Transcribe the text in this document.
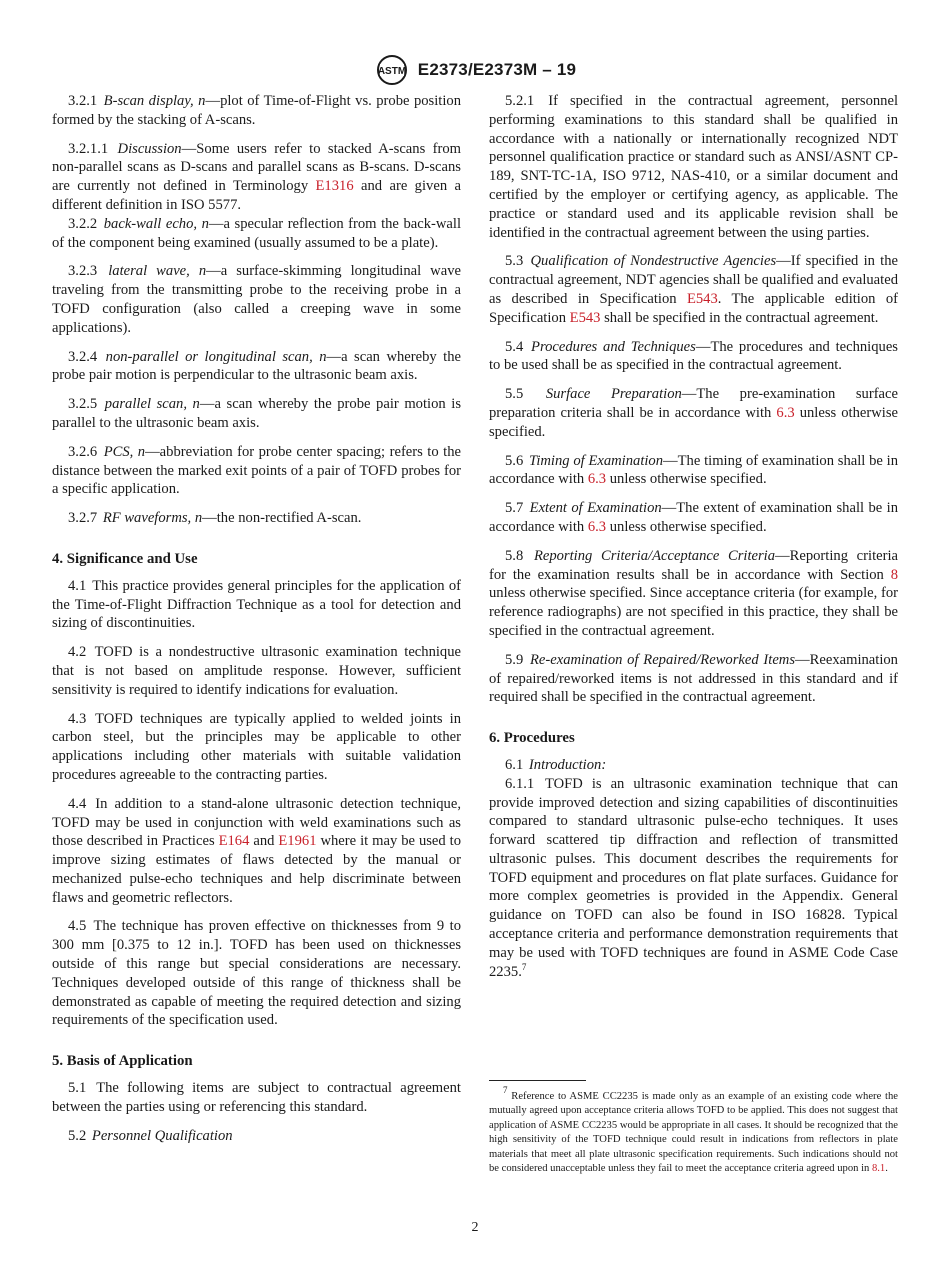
ASTM E2373/E2373M – 19

3.2.1 B-scan display, n—plot of Time-of-Flight vs. probe position formed by the stacking of A-scans.

3.2.1.1 Discussion—Some users refer to stacked A-scans from non-parallel scans as D-scans and parallel scans as B-scans. D-scans are currently not defined in Terminology E1316 and are given a different definition in ISO 5577.

3.2.2 back-wall echo, n—a specular reflection from the back-wall of the component being examined (usually assumed to be a plate).

3.2.3 lateral wave, n—a surface-skimming longitudinal wave traveling from the transmitting probe to the receiving probe in a TOFD configuration (also called a creeping wave in some applications).

3.2.4 non-parallel or longitudinal scan, n—a scan whereby the probe pair motion is perpendicular to the ultrasonic beam axis.

3.2.5 parallel scan, n—a scan whereby the probe pair motion is parallel to the ultrasonic beam axis.

3.2.6 PCS, n—abbreviation for probe center spacing; refers to the distance between the marked exit points of a pair of TOFD probes for a specific application.

3.2.7 RF waveforms, n—the non-rectified A-scan.

4. Significance and Use

4.1 This practice provides general principles for the application of the Time-of-Flight Diffraction Technique as a tool for detection and sizing of discontinuities.

4.2 TOFD is a nondestructive ultrasonic examination technique that is not based on amplitude response. However, sufficient sensitivity is required to identify indications for evaluation.

4.3 TOFD techniques are typically applied to welded joints in carbon steel, but the principles may be applicable to other applications including other materials with suitable validation procedures agreeable to the contracting parties.

4.4 In addition to a stand-alone ultrasonic detection technique, TOFD may be used in conjunction with weld examinations such as those described in Practices E164 and E1961 where it may be used to improve sizing estimates of flaws detected by the manual or mechanized pulse-echo techniques and help discriminate between flaws and geometric reflectors.

4.5 The technique has proven effective on thicknesses from 9 to 300 mm [0.375 to 12 in.]. TOFD has been used on thicknesses outside of this range but special considerations are necessary. Techniques developed outside of this range of thickness shall be demonstrated as capable of meeting the required detection and sizing requirements of the specification used.

5. Basis of Application

5.1 The following items are subject to contractual agreement between the parties using or referencing this standard.

5.2 Personnel Qualification

5.2.1 If specified in the contractual agreement, personnel performing examinations to this standard shall be qualified in accordance with a nationally or internationally recognized NDT personnel qualification practice or standard such as ANSI/ASNT CP-189, SNT-TC-1A, ISO 9712, NAS-410, or a similar document and certified by the employer or certifying agency, as applicable. The practice or standard used and its applicable revision shall be identified in the contractual agreement between the using parties.

5.3 Qualification of Nondestructive Agencies—If specified in the contractual agreement, NDT agencies shall be qualified and evaluated as described in Specification E543. The applicable edition of Specification E543 shall be specified in the contractual agreement.

5.4 Procedures and Techniques—The procedures and techniques to be used shall be as specified in the contractual agreement.

5.5 Surface Preparation—The pre-examination surface preparation criteria shall be in accordance with 6.3 unless otherwise specified.

5.6 Timing of Examination—The timing of examination shall be in accordance with 6.3 unless otherwise specified.

5.7 Extent of Examination—The extent of examination shall be in accordance with 6.3 unless otherwise specified.

5.8 Reporting Criteria/Acceptance Criteria—Reporting criteria for the examination results shall be in accordance with Section 8 unless otherwise specified. Since acceptance criteria (for example, for reference radiographs) are not specified in this practice, they shall be specified in the contractual agreement.

5.9 Re-examination of Repaired/Reworked Items—Reexamination of repaired/reworked items is not addressed in this standard and if required shall be specified in the contractual agreement.

6. Procedures

6.1 Introduction:

6.1.1 TOFD is an ultrasonic examination technique that can provide improved detection and sizing capabilities of discontinuities compared to standard ultrasonic pulse-echo techniques. It uses forward scattered tip diffraction and reflection of transmitted ultrasonic pulses. This document describes the requirements for TOFD equipment and procedures on flat plate surfaces. Guidance for more complex geometries is provided in the Appendix. General guidance on TOFD can also be found in ISO 16828. Typical acceptance criteria and performance demonstration requirements that may be used with TOFD techniques are found in ASME Code Case 2235.$^7$

$^7$ Reference to ASME CC2235 is made only as an example of an existing code where the mutually agreed upon acceptance criteria allows TOFD to be applied. This does not suggest that application of ASME CC2235 would be appropriate in all cases. It should be recognized that the high sensitivity of the TOFD technique could result in indications from reflectors in plate materials that meet all plate ultrasonic specification requirements. Such indications should not be considered unacceptable unless they fail to meet the acceptance criteria agreed upon in 8.1.

2
